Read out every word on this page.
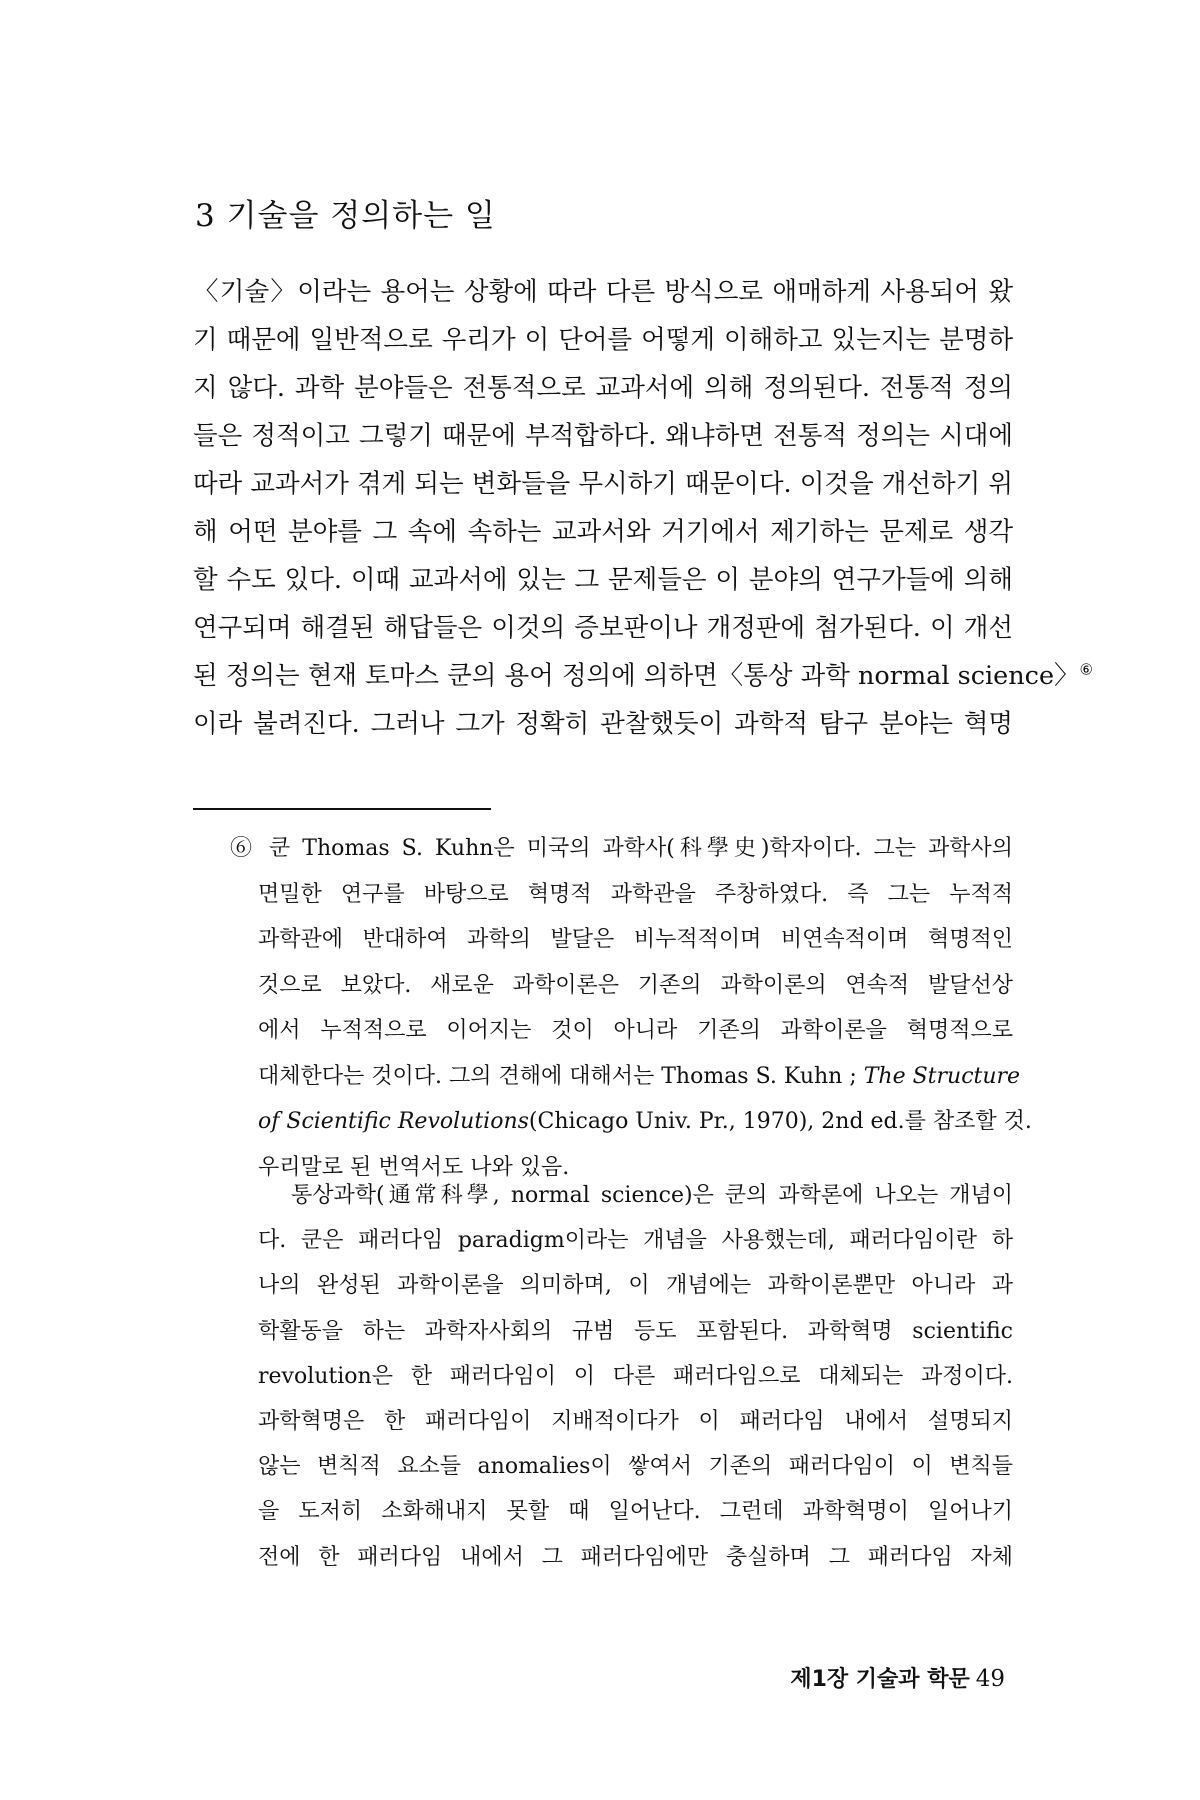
3 기술을 정의하는 일
〈기술〉이라는 용어는 상황에 따라 다른 방식으로 애매하게 사용되어 왔
기 때문에 일반적으로 우리가 이 단어를 어떻게 이해하고 있는지는 분명하
지 않다. 과학 분야들은 전통적으로 교과서에 의해 정의된다. 전통적 정의
들은 정적이고 그렇기 때문에 부적합하다. 왜냐하면 전통적 정의는 시대에
따라 교과서가 겪게 되는 변화들을 무시하기 때문이다. 이것을 개선하기 위
해 어떤 분야를 그 속에 속하는 교과서와 거기에서 제기하는 문제로 생각
할 수도 있다. 이때 교과서에 있는 그 문제들은 이 분야의 연구가들에 의해
연구되며 해결된 해답들은 이것의 증보판이나 개정판에 첨가된다. 이 개선
된 정의는 현재 토마스 쿤의 용어 정의에 의하면〈통상 과학 normal science〉⑥
이라 불려진다. 그러나 그가 정확히 관찰했듯이 과학적 탐구 분야는 혁명
⑥ 쿤 Thomas S. Kuhn은 미국의 과학사(科學史)학자이다. 그는 과학사의
면밀한 연구를 바탕으로 혁명적 과학관을 주창하였다. 즉 그는 누적적
과학관에 반대하여 과학의 발달은 비누적적이며 비연속적이며 혁명적인
것으로 보았다. 새로운 과학이론은 기존의 과학이론의 연속적 발달선상
에서 누적적으로 이어지는 것이 아니라 기존의 과학이론을 혁명적으로
대체한다는 것이다. 그의 견해에 대해서는 Thomas S. Kuhn ; The Structure
of Scientific Revolutions(Chicago Univ. Pr., 1970), 2nd ed.를 참조할 것.
우리말로 된 번역서도 나와 있음.
통상과학(通常科學, normal science)은 쿤의 과학론에 나오는 개념이
다. 쿤은 패러다임 paradigm이라는 개념을 사용했는데, 패러다임이란 하
나의 완성된 과학이론을 의미하며, 이 개념에는 과학이론뿐만 아니라 과
학활동을 하는 과학자사회의 규범 등도 포함된다. 과학혁명 scientific
revolution은 한 패러다임이 이 다른 패러다임으로 대체되는 과정이다.
과학혁명은 한 패러다임이 지배적이다가 이 패러다임 내에서 설명되지
않는 변칙적 요소들 anomalies이 쌓여서 기존의 패러다임이 이 변칙들
을 도저히 소화해내지 못할 때 일어난다. 그런데 과학혁명이 일어나기
전에 한 패러다임 내에서 그 패러다임에만 충실하며 그 패러다임 자체
제1장 기술과 학문 49
